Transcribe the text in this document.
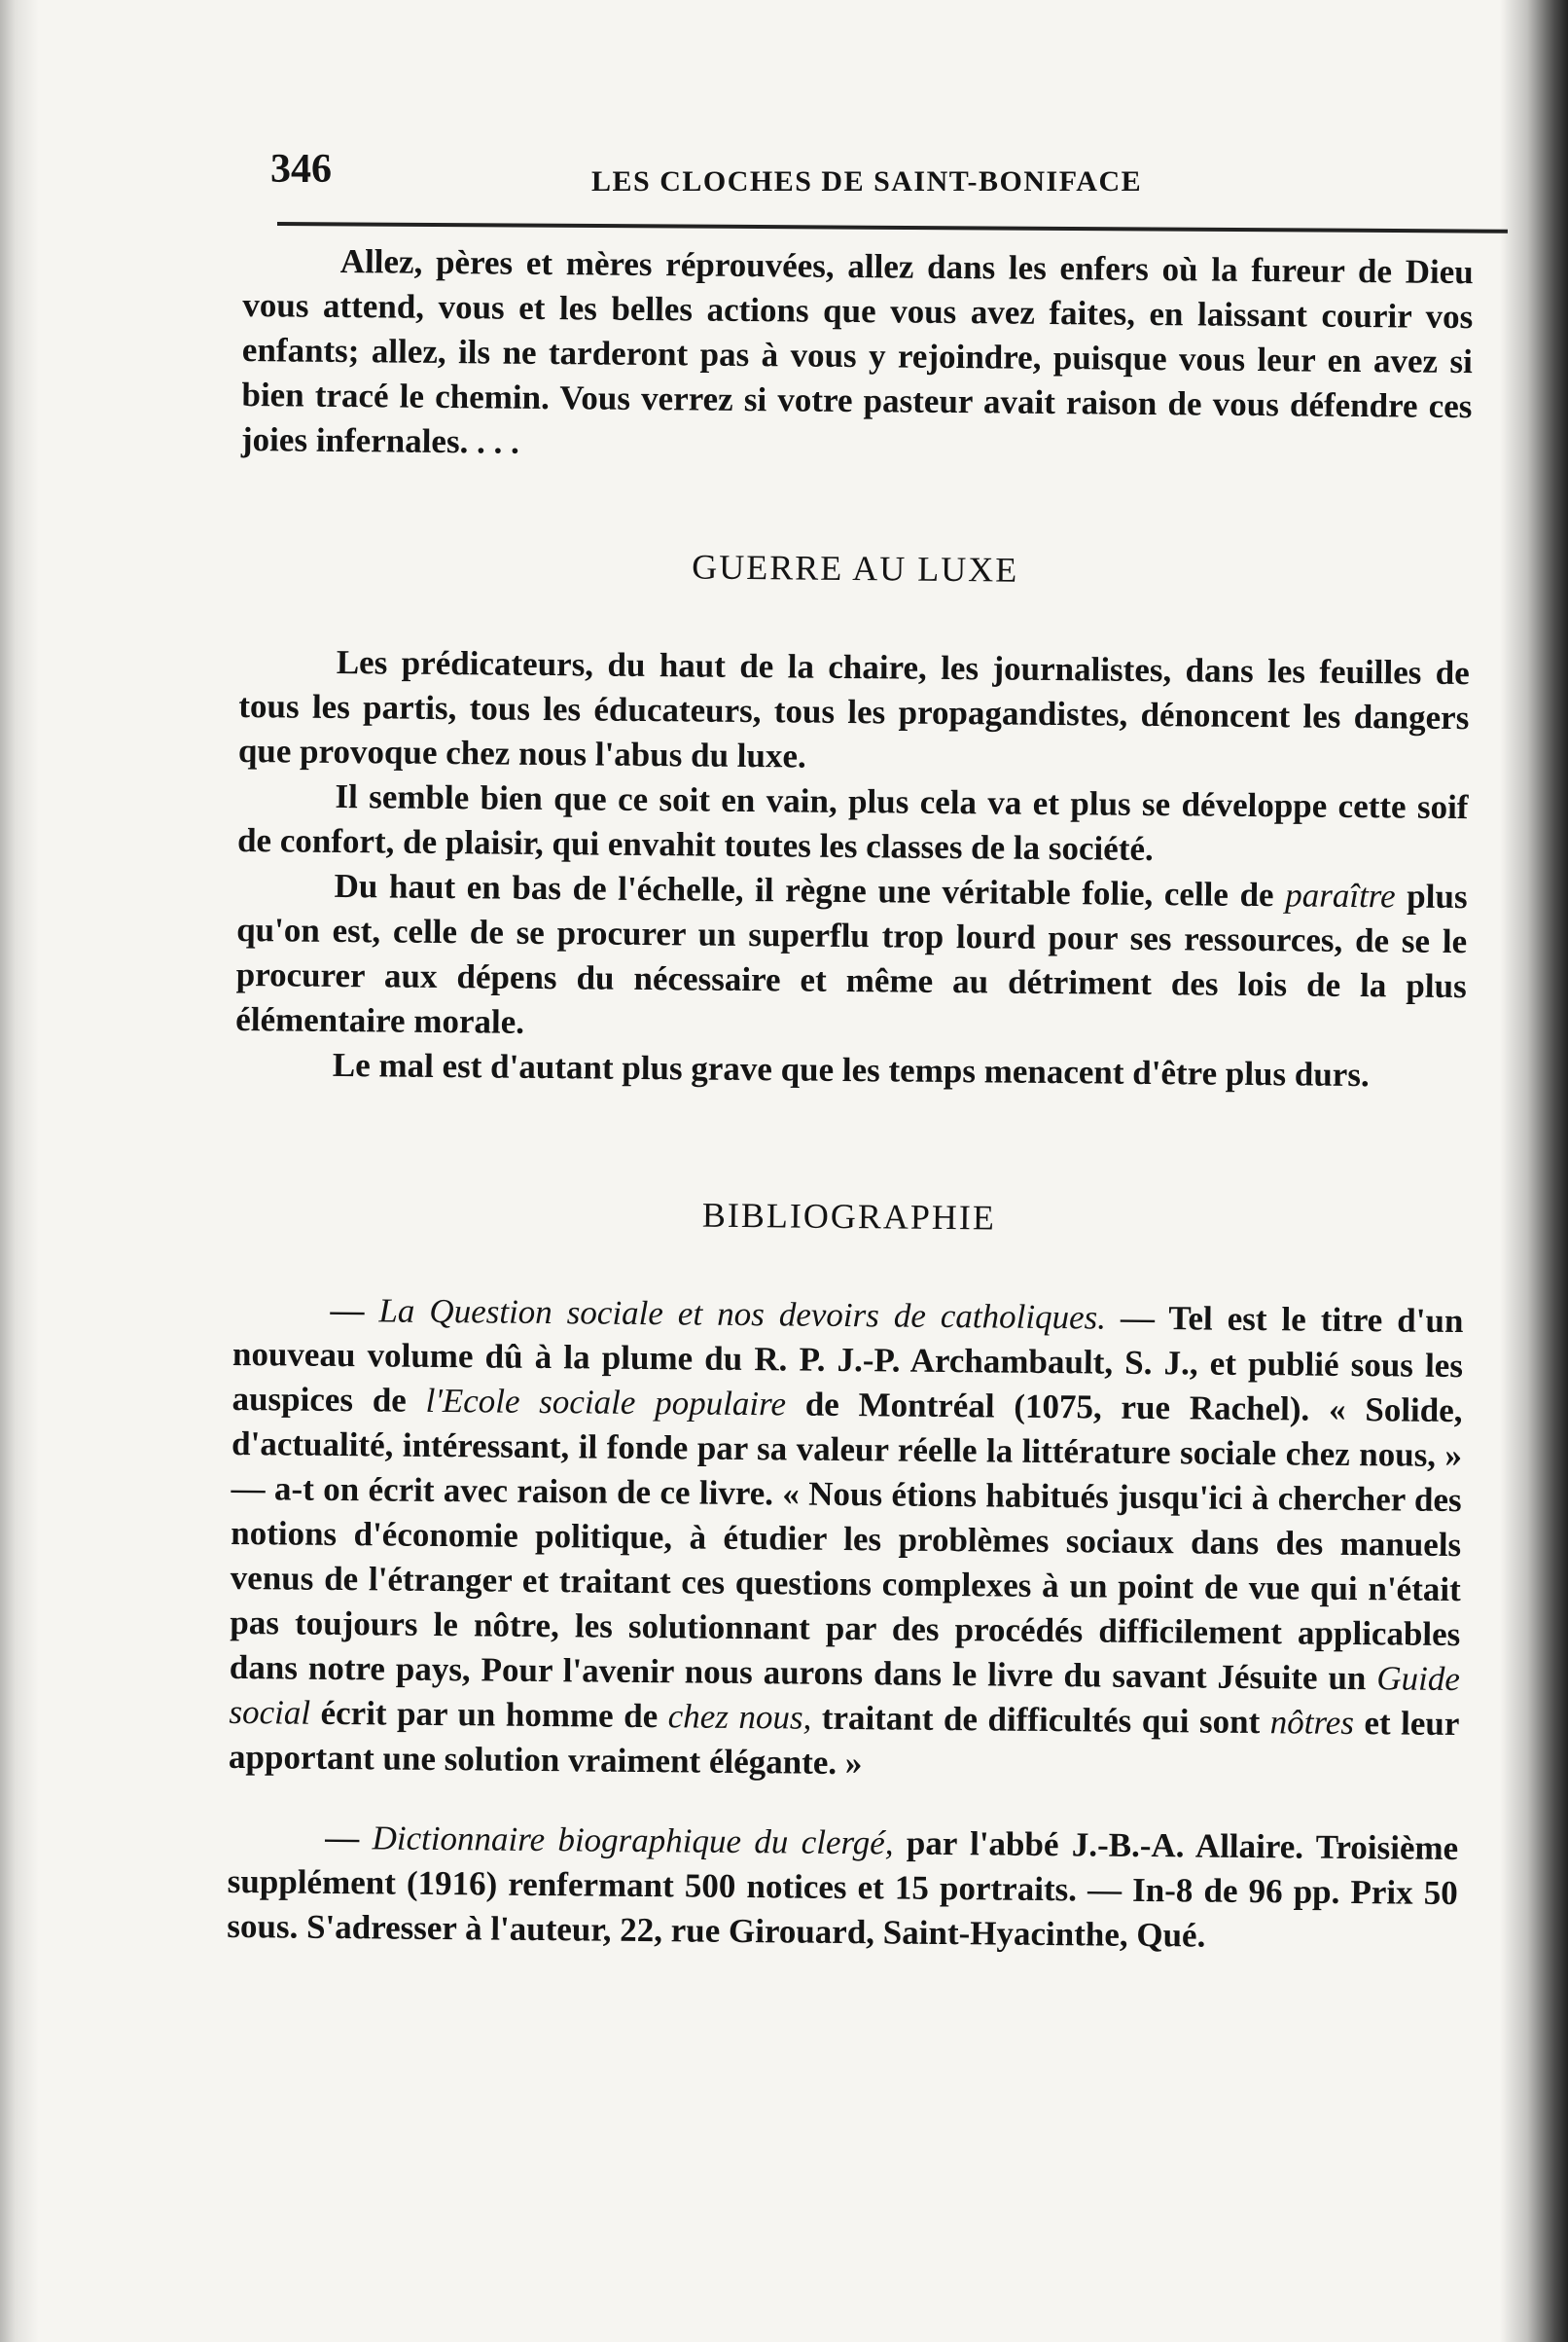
346	LES CLOCHES DE SAINT-BONIFACE

Allez, pères et mères réprouvées, allez dans les enfers où la fureur de Dieu vous attend, vous et les belles actions que vous avez faites, en laissant courir vos enfants; allez, ils ne tarderont pas à vous y rejoindre, puisque vous leur en avez si bien tracé le chemin. Vous verrez si votre pasteur avait raison de vous défendre ces joies infernales. . . .

GUERRE AU LUXE

Les prédicateurs, du haut de la chaire, les journalistes, dans les feuilles de tous les partis, tous les éducateurs, tous les propagandistes, dénoncent les dangers que provoque chez nous l'abus du luxe.

Il semble bien que ce soit en vain, plus cela va et plus se développe cette soif de confort, de plaisir, qui envahit toutes les classes de la société.

Du haut en bas de l'échelle, il règne une véritable folie, celle de paraître plus qu'on est, celle de se procurer un superflu trop lourd pour ses ressources, de se le procurer aux dépens du nécessaire et même au détriment des lois de la plus élémentaire morale.

Le mal est d'autant plus grave que les temps menacent d'être plus durs.

BIBLIOGRAPHIE

— La Question sociale et nos devoirs de catholiques. — Tel est le titre d'un nouveau volume dû à la plume du R. P. J.-P. Archambault, S. J., et publié sous les auspices de l'Ecole sociale populaire de Montréal (1075, rue Rachel). « Solide, d'actualité, intéressant, il fonde par sa valeur réelle la littérature sociale chez nous, » — a-t on écrit avec raison de ce livre. « Nous étions habitués jusqu'ici à chercher des notions d'économie politique, à étudier les problèmes sociaux dans des manuels venus de l'étranger et traitant ces questions complexes à un point de vue qui n'était pas toujours le nôtre, les solutionnant par des procédés difficilement applicables dans notre pays, Pour l'avenir nous aurons dans le livre du savant Jésuite un Guide social écrit par un homme de chez nous, traitant de difficultés qui sont nôtres et leur apportant une solution vraiment élégante. »

— Dictionnaire biographique du clergé, par l'abbé J.-B.-A. Allaire. Troisième supplément (1916) renfermant 500 notices et 15 portraits. — In-8 de 96 pp. Prix 50 sous. S'adresser à l'auteur, 22, rue Girouard, Saint-Hyacinthe, Qué.
